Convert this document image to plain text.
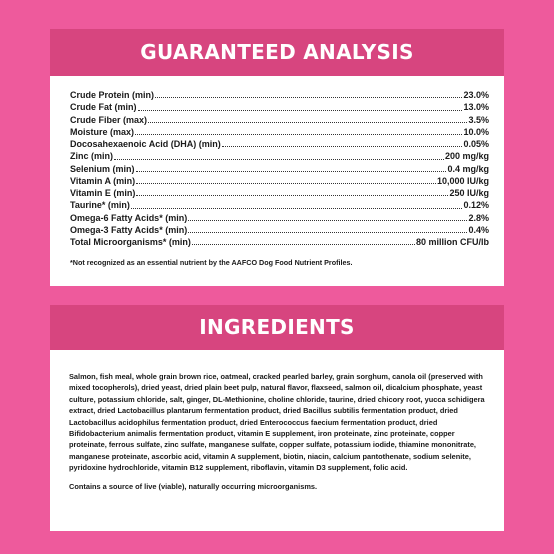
GUARANTEED ANALYSIS
Crude Protein (min)	23.0%
Crude Fat (min)	13.0%
Crude Fiber (max)	3.5%
Moisture (max)	10.0%
Docosahexaenoic Acid (DHA) (min)	0.05%
Zinc (min)	200 mg/kg
Selenium (min)	0.4 mg/kg
Vitamin A (min)	10,000 IU/kg
Vitamin E (min)	250 IU/kg
Taurine* (min)	0.12%
Omega-6 Fatty Acids* (min)	2.8%
Omega-3 Fatty Acids* (min)	0.4%
Total Microorganisms* (min)	80 million CFU/lb

*Not recognized as an essential nutrient by the AAFCO Dog Food Nutrient Profiles.

INGREDIENTS

Salmon, fish meal, whole grain brown rice, oatmeal, cracked pearled barley, grain sorghum, canola oil (preserved with mixed tocopherols), dried yeast, dried plain beet pulp, natural flavor, flaxseed, salmon oil, dicalcium phosphate, yeast culture, potassium chloride, salt, ginger, DL-Methionine, choline chloride, taurine, dried chicory root, yucca schidigera extract, dried Lactobacillus plantarum fermentation product, dried Bacillus subtilis fermentation product, dried Lactobacillus acidophilus fermentation product, dried Enterococcus faecium fermentation product, dried Bifidobacterium animalis fermentation product, vitamin E supplement, iron proteinate, zinc proteinate, copper proteinate, ferrous sulfate, zinc sulfate, manganese sulfate, copper sulfate, potassium iodide, thiamine mononitrate, manganese proteinate, ascorbic acid, vitamin A supplement, biotin, niacin, calcium pantothenate, sodium selenite, pyridoxine hydrochloride, vitamin B12 supplement, riboflavin, vitamin D3 supplement, folic acid.

Contains a source of live (viable), naturally occurring microorganisms.
